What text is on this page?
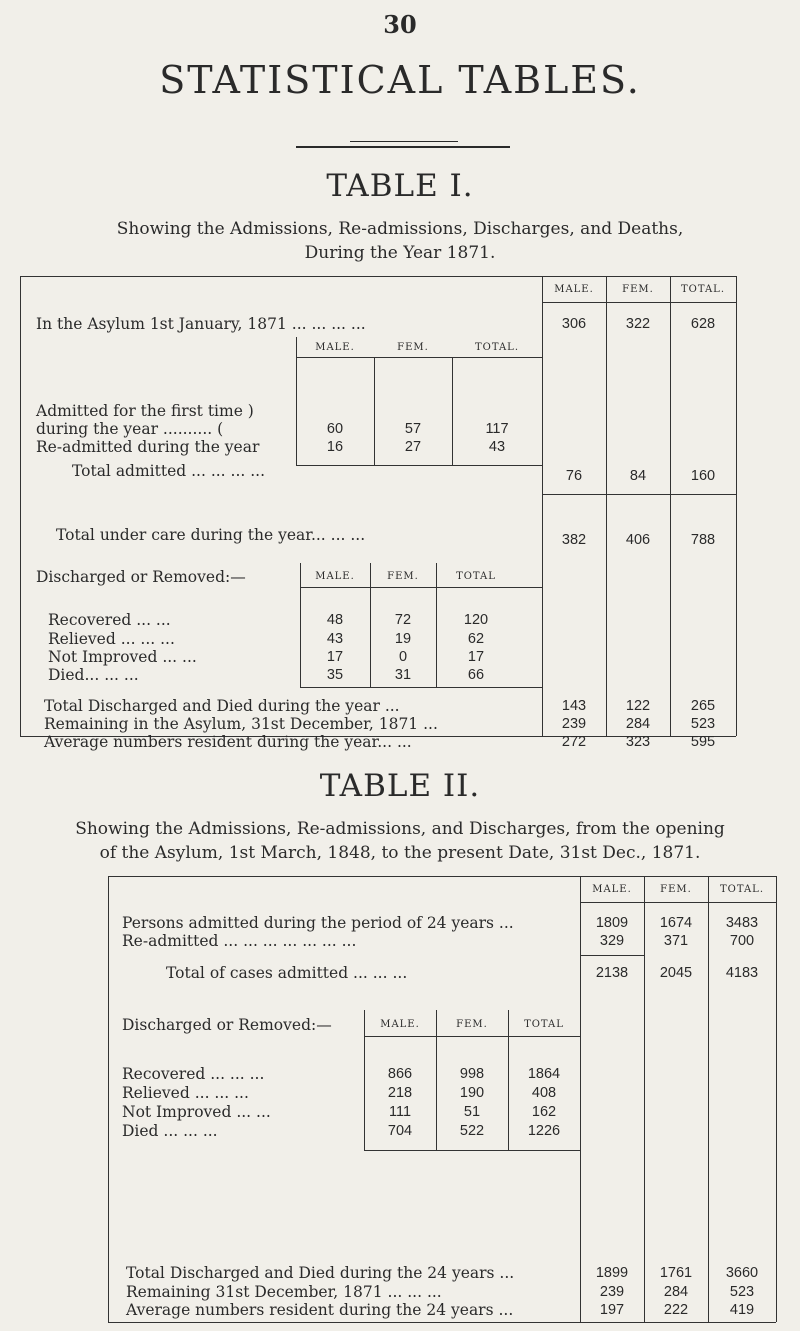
30
STATISTICAL TABLES.
TABLE I.
Showing the Admissions, Re-admissions, Discharges, and Deaths,
During the Year 1871.
MALE.	FEM.	TOTAL.
In the Asylum 1st January, 1871 ... ... ... ...	306	322	628
MALE.	FEM.	TOTAL.
Admitted for the first time )
during the year .......... (	60	57	117
Re-admitted during the year	16	27	43
Total admitted ... ... ... ...	76	84	160
Total under care during the year... ... ...	382	406	788
Discharged or Removed:—	MALE.	FEM.	TOTAL
Recovered ... ...	48	72	120
Relieved ... ... ...	43	19	62
Not Improved ... ...	17	0	17
Died... ... ...	35	31	66
Total Discharged and Died during the year ...	143	122	265
Remaining in the Asylum, 31st December, 1871 ...	239	284	523
Average numbers resident during the year... ...	272	323	595
TABLE II.
Showing the Admissions, Re-admissions, and Discharges, from the opening
of the Asylum, 1st March, 1848, to the present Date, 31st Dec., 1871.
MALE.	FEM.	TOTAL.
Persons admitted during the period of 24 years ...	1809	1674	3483
Re-admitted ... ... ... ... ... ... ...	329	371	700
Total of cases admitted ... ... ...	2138	2045	4183
Discharged or Removed:—	MALE.	FEM.	TOTAL
Recovered ... ... ...	866	998	1864
Relieved ... ... ...	218	190	408
Not Improved ... ...	111	51	162
Died ... ... ...	704	522	1226
Total Discharged and Died during the 24 years ...	1899	1761	3660
Remaining 31st December, 1871 ... ... ...	239	284	523
Average numbers resident during the 24 years ...	197	222	419
